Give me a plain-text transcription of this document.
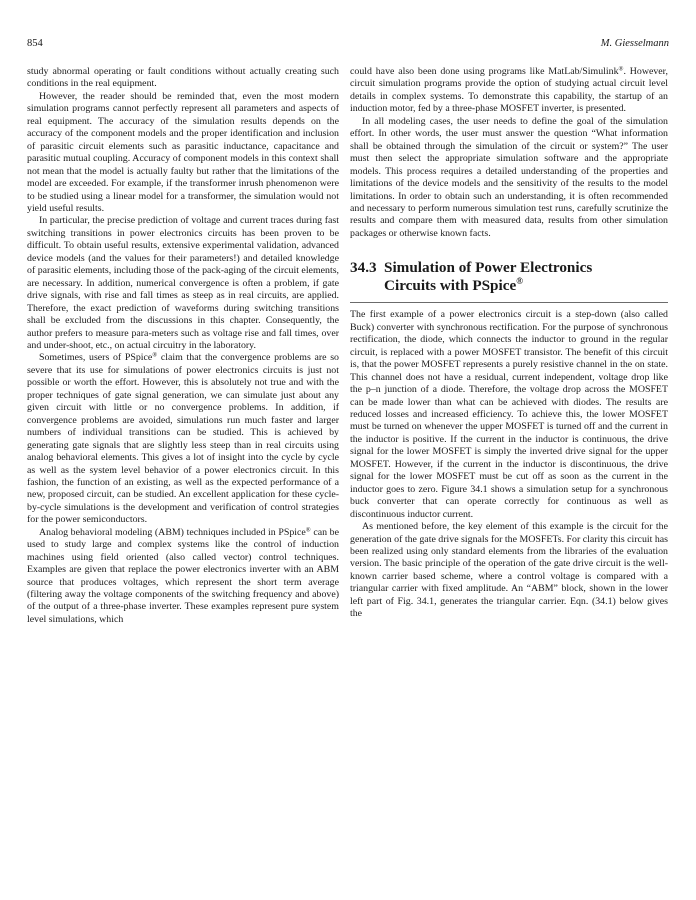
854	M. Giesselmann

study abnormal operating or fault conditions without actually creating such conditions in the real equipment.

However, the reader should be reminded that, even the most modern simulation programs cannot perfectly represent all parameters and aspects of real equipment. The accuracy of the simulation results depends on the accuracy of the component models and the proper identification and inclusion of parasitic circuit elements such as parasitic inductance, capacitance and parasitic mutual coupling. Accuracy of component models in this context shall not mean that the model is actually faulty but rather that the limitations of the model are exceeded. For example, if the transformer inrush phenomenon were to be studied using a linear model for a transformer, the simulation would not yield useful results.

In particular, the precise prediction of voltage and current traces during fast switching transitions in power electronics circuits has been proven to be difficult. To obtain useful results, extensive experimental validation, advanced device models (and the values for their parameters!) and detailed knowledge of parasitic elements, including those of the pack-aging of the circuit elements, are necessary. In addition, numerical convergence is often a problem, if gate drive signals, with rise and fall times as steep as in real circuits, are applied. Therefore, the exact prediction of waveforms during switching transitions shall be excluded from the discussions in this chapter. Consequently, the author prefers to measure para-meters such as voltage rise and fall times, over and under-shoot, etc., on actual circuitry in the laboratory.

Sometimes, users of PSpice® claim that the convergence problems are so severe that its use for simulations of power electronics circuits is just not possible or worth the effort. However, this is absolutely not true and with the proper techniques of gate signal generation, we can simulate just about any given circuit with little or no convergence problems. In addition, if convergence problems are avoided, simulations run much faster and larger numbers of individual transitions can be studied. This is achieved by generating gate signals that are slightly less steep than in real circuits using analog behavioral elements. This gives a lot of insight into the cycle by cycle as well as the system level behavior of a power electronics circuit. In this fashion, the function of an existing, as well as the expected performance of a new, proposed circuit, can be studied. An excellent application for these cycle-by-cycle simulations is the development and verification of control strategies for the power semiconductors.

Analog behavioral modeling (ABM) techniques included in PSpice® can be used to study large and complex systems like the control of induction machines using field oriented (also called vector) control techniques. Examples are given that replace the power electronics inverter with an ABM source that produces voltages, which represent the short term average (filtering away the voltage components of the switching frequency and above) of the output of a three-phase inverter. These examples represent pure system level simulations, which

could have also been done using programs like MatLab/Simulink®. However, circuit simulation programs provide the option of studying actual circuit level details in complex systems. To demonstrate this capability, the startup of an induction motor, fed by a three-phase MOSFET inverter, is presented.

In all modeling cases, the user needs to define the goal of the simulation effort. In other words, the user must answer the question “What information shall be obtained through the simulation of the circuit or system?” The user must then select the appropriate simulation software and the appropriate models. This process requires a detailed understanding of the properties and limitations of the device models and the sensitivity of the results to the model limitations. In order to obtain such an understanding, it is often recommended and necessary to perform numerous simulation test runs, carefully scrutinize the results and compare them with measured data, results from other simulation packages or otherwise known facts.

34.3 Simulation of Power Electronics
Circuits with PSpice®

The first example of a power electronics circuit is a step-down (also called Buck) converter with synchronous rectification. For the purpose of synchronous rectification, the diode, which connects the inductor to ground in the regular circuit, is replaced with a power MOSFET transistor. The benefit of this circuit is, that the power MOSFET represents a purely resistive channel in the on state. This channel does not have a residual, current independent, voltage drop like the p–n junction of a diode. Therefore, the voltage drop across the MOSFET can be made lower than what can be achieved with diodes. The results are reduced losses and increased efficiency. To achieve this, the lower MOSFET must be turned on whenever the upper MOSFET is turned off and the current in the inductor is positive. If the current in the inductor is continuous, the drive signal for the lower MOSFET is simply the inverted drive signal for the upper MOSFET. However, if the current in the inductor is discontinuous, the drive signal for the lower MOSFET must be cut off as soon as the current in the inductor goes to zero. Figure 34.1 shows a simulation setup for a synchronous buck converter that can operate correctly for continuous as well as discontinuous inductor current.

As mentioned before, the key element of this example is the circuit for the generation of the gate drive signals for the MOSFETs. For clarity this circuit has been realized using only standard elements from the libraries of the evaluation version. The basic principle of the operation of the gate drive circuit is the well-known carrier based scheme, where a control voltage is compared with a triangular carrier with fixed amplitude. An “ABM” block, shown in the lower left part of Fig. 34.1, generates the triangular carrier. Eqn. (34.1) below gives the
